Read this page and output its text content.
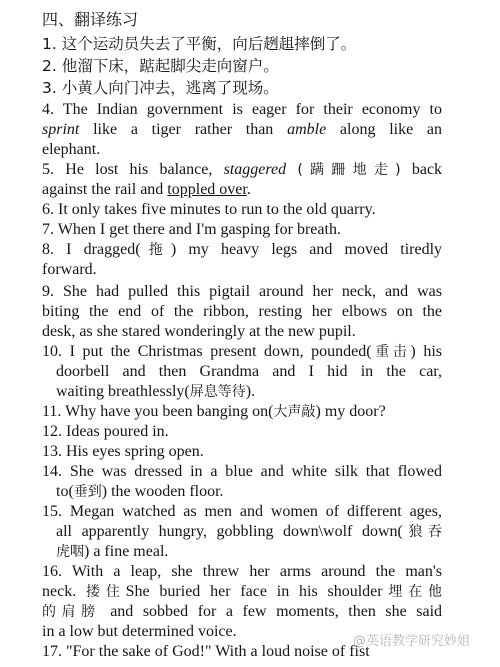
四、翻译练习
1. 这个运动员失去了平衡，向后趔趄摔倒了。
2. 他溜下床，踮起脚尖走向窗户。
3. 小黄人向门冲去，逃离了现场。
4. The Indian government is eager for their economy to
sprint like a tiger rather than amble along like an
elephant.
5. He lost his balance, staggered (蹒跚地走) back
against the rail and toppled over.
6. It only takes five minutes to run to the old quarry.
7. When I get there and I'm gasping for breath.
8. I dragged(拖) my heavy legs and moved tiredly
forward.
9. She had pulled this pigtail around her neck, and was
biting the end of the ribbon, resting her elbows on the
desk, as she stared wonderingly at the new pupil.
10. I put the Christmas present down, pounded(重击) his
doorbell and then Grandma and I hid in the car,
waiting breathlessly(屏息等待).
11. Why have you been banging on(大声敲) my door?
12. Ideas poured in.
13. His eyes spring open.
14. She was dressed in a blue and white silk that flowed
to(垂到) the wooden floor.
15. Megan watched as men and women of different ages,
all apparently hungry, gobbling down\wolf down(狼吞
虎咽) a fine meal.
16. With a leap, she threw her arms around the man's
neck. 搂住She buried her face in his shoulder埋在他
的肩膀 and sobbed for a few moments, then she said
in a low but determined voice.
17. "For the sake of God!" With a loud noise of fist
@英语教学研究妙姐
